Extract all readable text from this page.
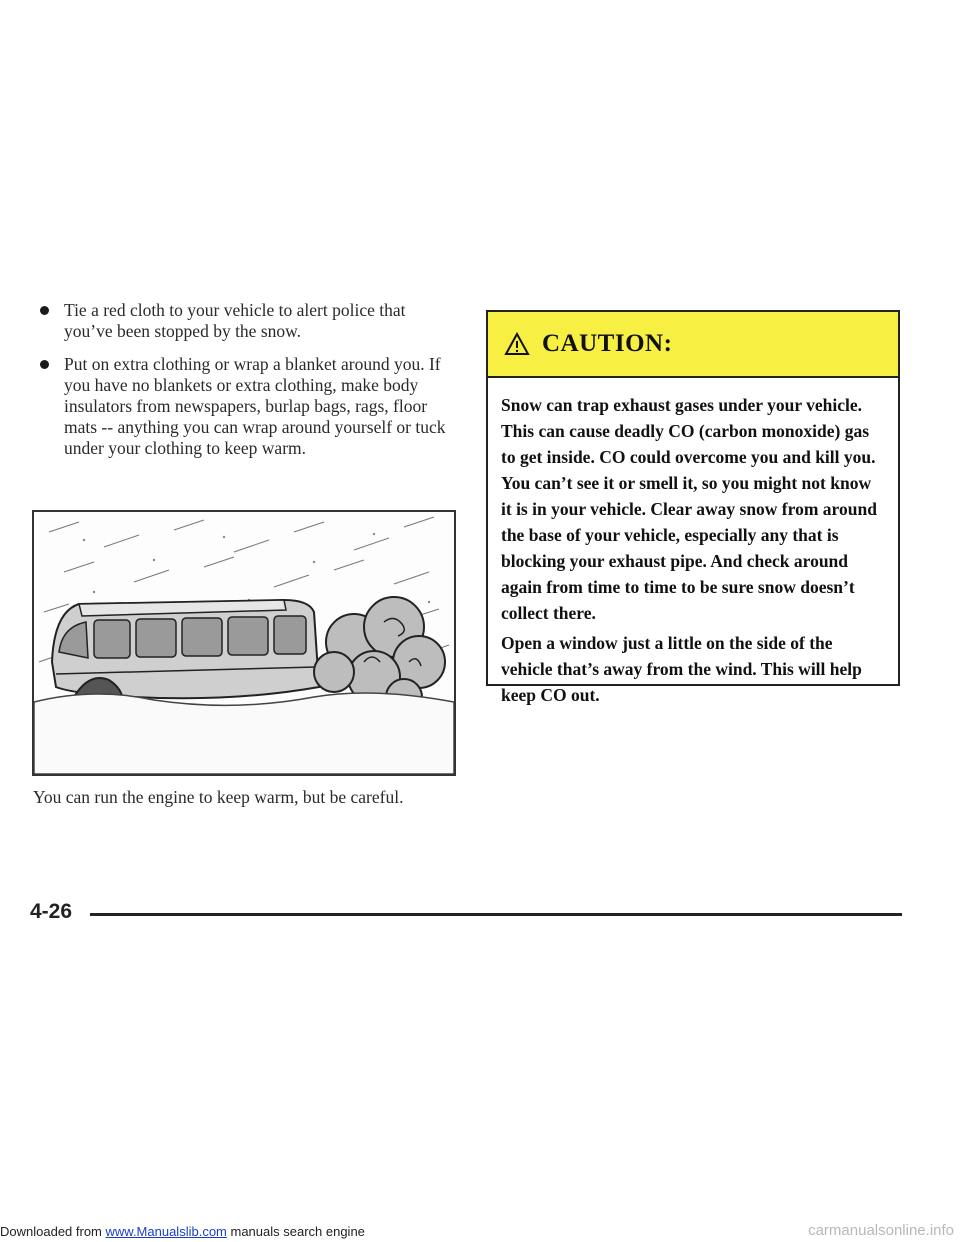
Tie a red cloth to your vehicle to alert police that you’ve been stopped by the snow.
Put on extra clothing or wrap a blanket around you. If you have no blankets or extra clothing, make body insulators from newspapers, burlap bags, rags, floor mats -- anything you can wrap around yourself or tuck under your clothing to keep warm.
You can run the engine to keep warm, but be careful.
CAUTION:

Snow can trap exhaust gases under your vehicle. This can cause deadly CO (carbon monoxide) gas to get inside. CO could overcome you and kill you. You can’t see it or smell it, so you might not know it is in your vehicle. Clear away snow from around the base of your vehicle, especially any that is blocking your exhaust pipe. And check around again from time to time to be sure snow doesn’t collect there.

Open a window just a little on the side of the vehicle that’s away from the wind. This will help keep CO out.

4-26
Downloaded from www.Manualslib.com manuals search engine	carmanualsonline.info
